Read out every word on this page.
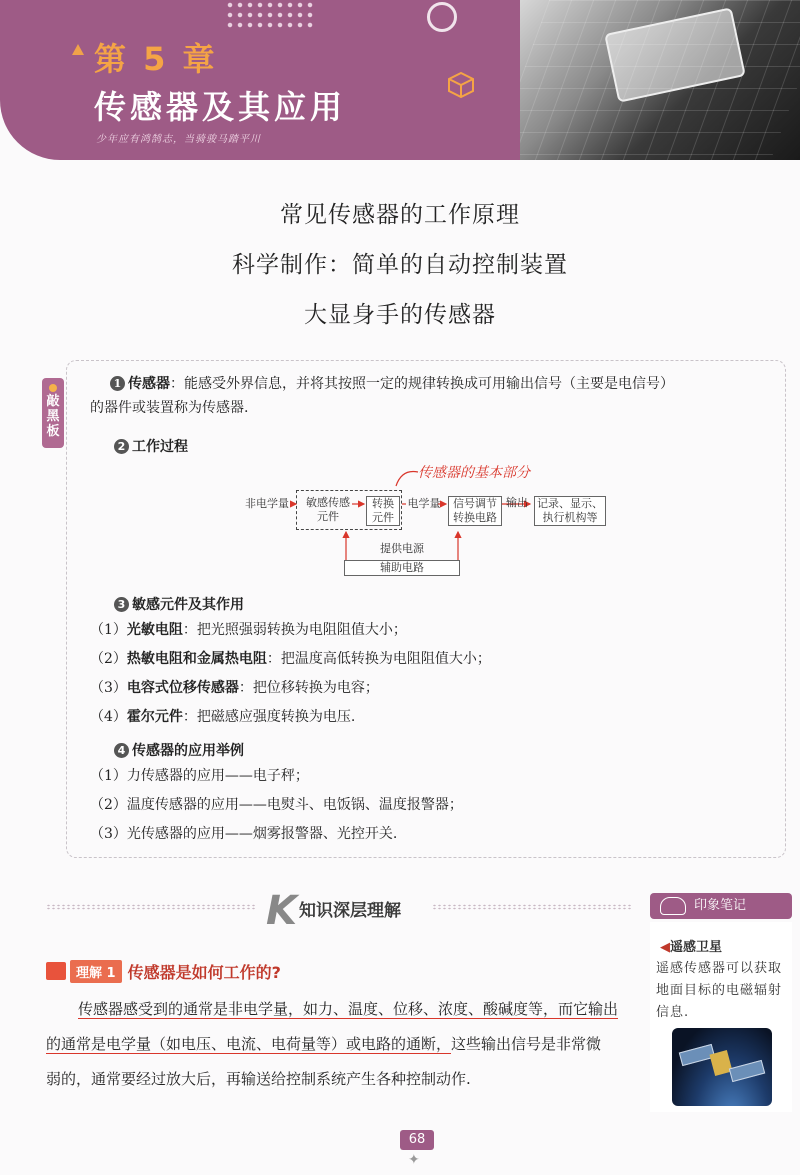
第 5 章
传感器及其应用
少年应有鸿鹄志，当骑骏马踏平川
常见传感器的工作原理
科学制作：简单的自动控制装置
大显身手的传感器
敲黑板
1 传感器：能感受外界信息，并将其按照一定的规律转换成可用输出信号（主要是电信号）
的器件或装置称为传感器.
2 工作过程
传感器的基本部分
非电学量	敏感传感元件
转换元件
电学量	信号调节转换电路
输出 记录、显示、执行机构等
提供电源
辅助电路
3 敏感元件及其作用
（1）光敏电阻：把光照强弱转换为电阻阻值大小；
（2）热敏电阻和金属热电阻：把温度高低转换为电阻阻值大小；
（3）电容式位移传感器：把位移转换为电容；
（4）霍尔元件：把磁感应强度转换为电压.
4 传感器的应用举例
（1）力传感器的应用——电子秤；
（2）温度传感器的应用——电熨斗、电饭锅、温度报警器；
（3）光传感器的应用——烟雾报警器、光控开关.
K知识深层理解
理解 1 传感器是如何工作的?
传感器感受到的通常是非电学量，如力、温度、位移、浓度、酸碱度等，而它输出
的通常是电学量（如电压、电流、电荷量等）或电路的通断，这些输出信号是非常微
弱的，通常要经过放大后，再输送给控制系统产生各种控制动作.
印象笔记
◀遥感卫星
遥感传感器可以获取地面目标的电磁辐射信息.
68
✦
